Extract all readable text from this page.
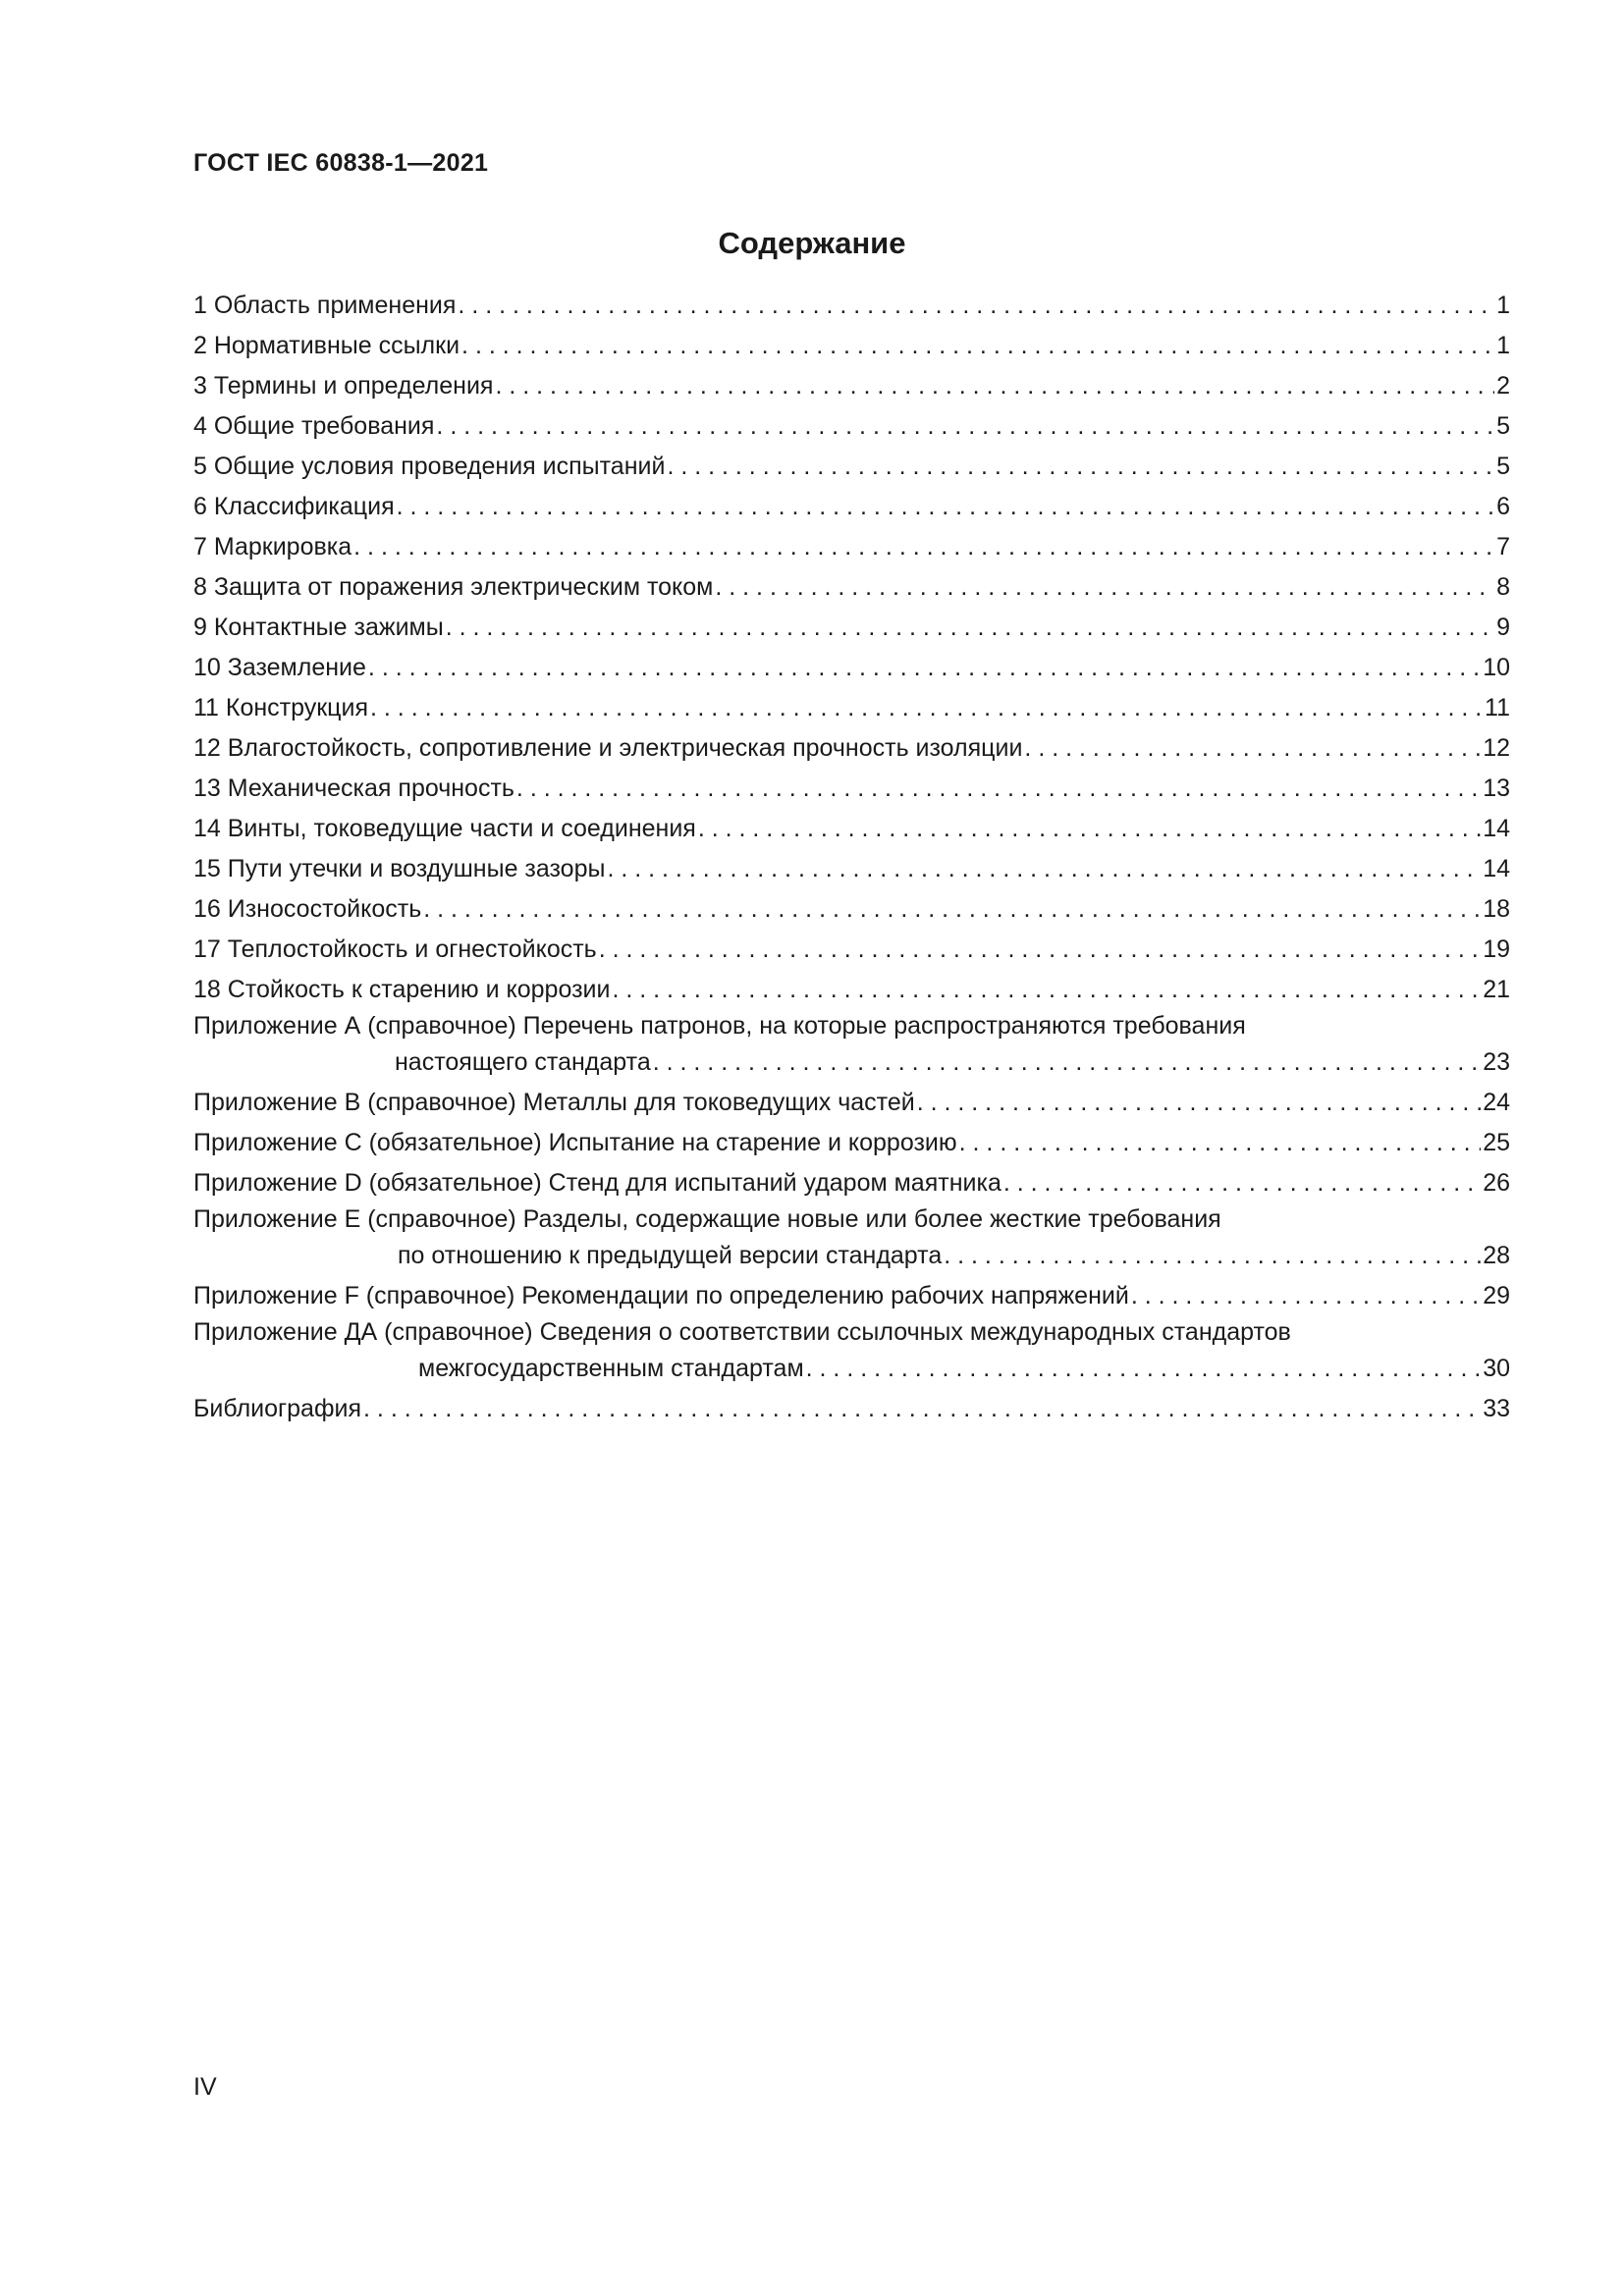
ГОСТ IEC 60838-1—2021
Содержание
1 Область применения . . .	1
2 Нормативные ссылки . . .	1
3 Термины и определения . . .	2
4 Общие требования . . .	5
5 Общие условия проведения испытаний . . .	5
6 Классификация . . .	6
7 Маркировка . . .	7
8 Защита от поражения электрическим током . . .	8
9 Контактные зажимы . . .	9
10 Заземление . . .	10
11 Конструкция . . .	11
12 Влагостойкость, сопротивление и электрическая прочность изоляции . . .	12
13 Механическая прочность . . .	13
14 Винты, токоведущие части и соединения . . .	14
15 Пути утечки и воздушные зазоры . . .	14
16 Износостойкость . . .	18
17 Теплостойкость и огнестойкость . . .	19
18 Стойкость к старению и коррозии . . .	21
Приложение А (справочное) Перечень патронов, на которые распространяются требования
настоящего стандарта . . .	23
Приложение В (справочное) Металлы для токоведущих частей . . .	24
Приложение С (обязательное) Испытание на старение и коррозию . . .	25
Приложение D (обязательное) Стенд для испытаний ударом маятника . . .	26
Приложение Е (справочное) Разделы, содержащие новые или более жесткие требования
по отношению к предыдущей версии стандарта . . .	28
Приложение F (справочное) Рекомендации по определению рабочих напряжений . . .	29
Приложение ДА (справочное) Сведения о соответствии ссылочных международных стандартов
межгосударственным стандартам . . .	30
Библиография . . .	33
IV
